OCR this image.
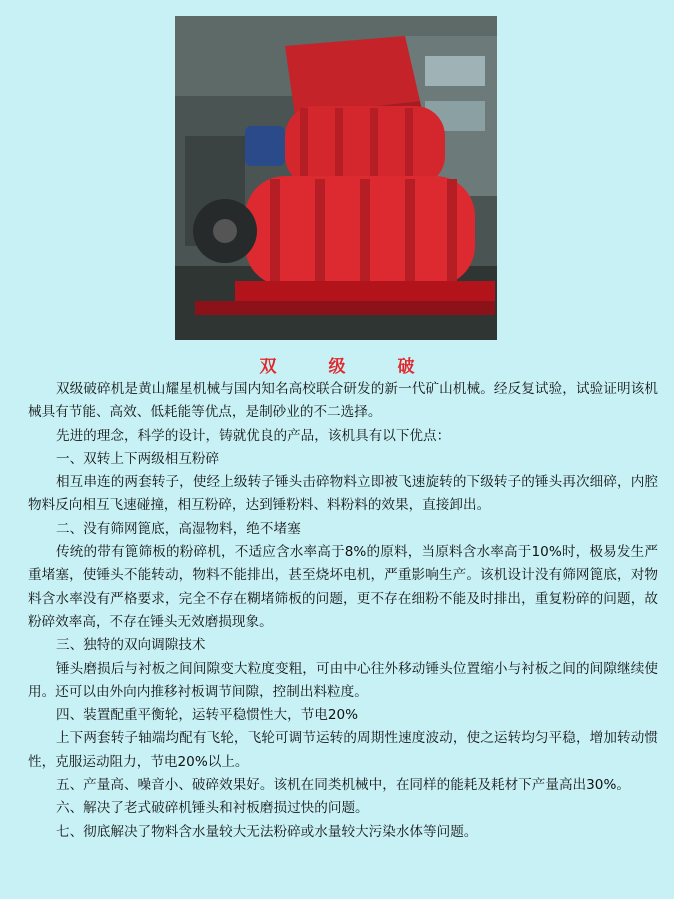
双	级	破

双级破碎机是黄山耀星机械与国内知名高校联合研发的新一代矿山机械。经反复试验，试验证明该机械具有节能、高效、低耗能等优点，是制砂业的不二选择。

先进的理念，科学的设计，铸就优良的产品，该机具有以下优点：

一、双转上下两级相互粉碎

相互串连的两套转子，使经上级转子锤头击碎物料立即被飞速旋转的下级转子的锤头再次细碎，内腔物料反向相互飞速碰撞，相互粉碎，达到锤粉料、料粉料的效果，直接卸出。

二、没有筛网篦底，高湿物料，绝不堵塞

传统的带有篦筛板的粉碎机，不适应含水率高于8%的原料，当原料含水率高于10%时，极易发生严重堵塞，使锤头不能转动，物料不能排出，甚至烧坏电机，严重影响生产。该机设计没有筛网篦底，对物料含水率没有严格要求，完全不存在糊堵筛板的问题，更不存在细粉不能及时排出，重复粉碎的问题，故粉碎效率高，不存在锤头无效磨损现象。

三、独特的双向调隙技术

锤头磨损后与衬板之间间隙变大粒度变粗，可由中心往外移动锤头位置缩小与衬板之间的间隙继续使用。还可以由外向内推移衬板调节间隙，控制出料粒度。

四、装置配重平衡轮，运转平稳惯性大，节电20%

上下两套转子轴端均配有飞轮，飞轮可调节运转的周期性速度波动，使之运转均匀平稳，增加转动惯性，克服运动阻力，节电20%以上。

五、产量高、噪音小、破碎效果好。该机在同类机械中，在同样的能耗及耗材下产量高出30%。

六、解决了老式破碎机锤头和衬板磨损过快的问题。

七、彻底解决了物料含水量较大无法粉碎或水量较大污染水体等问题。
